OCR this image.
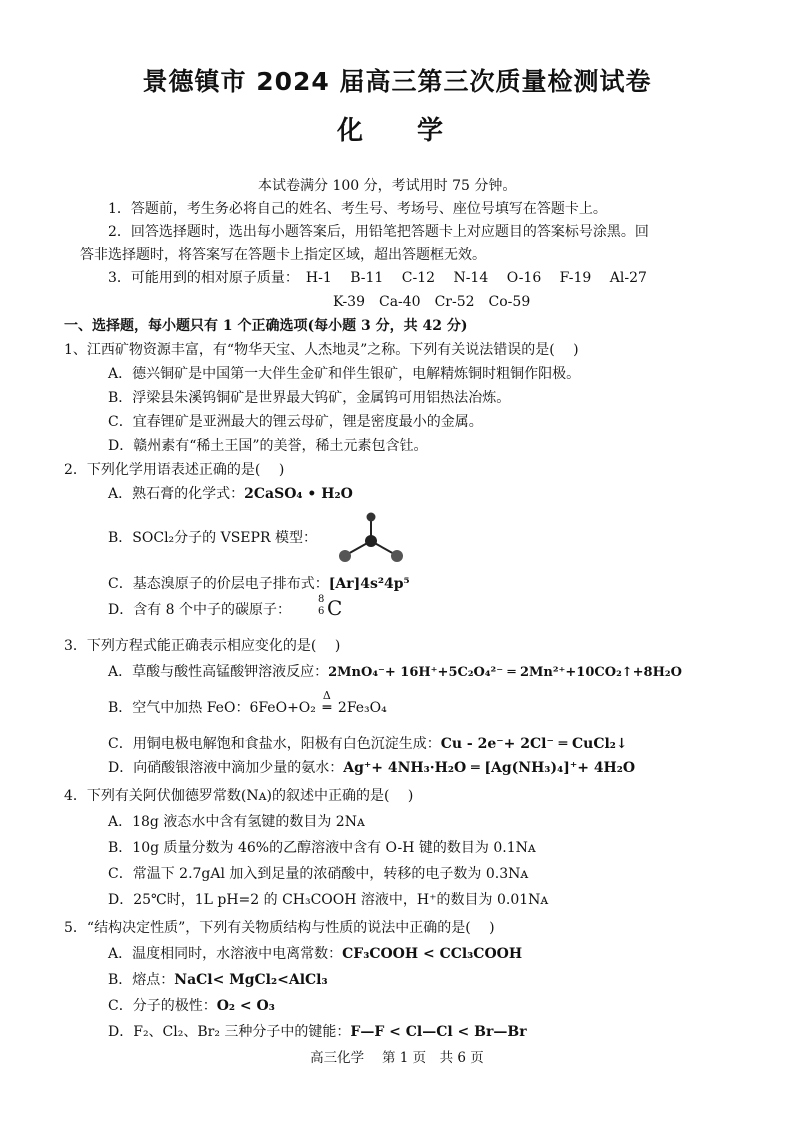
景德镇市 2024 届高三第三次质量检测试卷
化　学
本试卷满分 100 分，考试用时 75 分钟。
1．答题前，考生务必将自己的姓名、考生号、考场号、座位号填写在答题卡上。
2．回答选择题时，选出每小题答案后，用铅笔把答题卡上对应题目的答案标号涂黑。回
答非选择题时，将答案写在答题卡上指定区域，超出答题框无效。
3．可能用到的相对原子质量：　H-1　 B-11　 C-12　 N-14　 O-16　 F-19　 Al-27
K-39　Ca-40　Cr-52　Co-59
一、选择题，每小题只有 1 个正确选项(每小题 3 分，共 42 分)
1、江西矿物资源丰富，有“物华天宝、人杰地灵”之称。下列有关说法错误的是(　 )
A．德兴铜矿是中国第一大伴生金矿和伴生银矿，电解精炼铜时粗铜作阳极。
B．浮梁县朱溪钨铜矿是世界最大钨矿，金属钨可用铝热法冶炼。
C．宜春锂矿是亚洲最大的锂云母矿，锂是密度最小的金属。
D．赣州素有“稀土王国”的美誉，稀土元素包含钍。
2．下列化学用语表述正确的是(　 )
A．熟石膏的化学式：2CaSO₄ • H₂O
B．SOCl₂分子的 VSEPR 模型：
C．基态溴原子的价层电子排布式：[Ar]4s²4p⁵
D．含有 8 个中子的碳原子：
8
6 C
3．下列方程式能正确表示相应变化的是(　 )
A．草酸与酸性高锰酸钾溶液反应：2MnO₄⁻+ 16H⁺+5C₂O₄²⁻ ═ 2Mn²⁺+10CO₂↑+8H₂O
B．空气中加热 FeO：6FeO+O₂
Δ
═ 2Fe₃O₄
C．用铜电极电解饱和食盐水，阳极有白色沉淀生成：Cu - 2e⁻+ 2Cl⁻ ═ CuCl₂↓
D．向硝酸银溶液中滴加少量的氨水：Ag⁺+ 4NH₃·H₂O ═ [Ag(NH₃)₄]⁺+ 4H₂O
4．下列有关阿伏伽德罗常数(Nᴀ)的叙述中正确的是(　 )
A．18g 液态水中含有氢键的数目为 2Nᴀ
B．10g 质量分数为 46%的乙醇溶液中含有 O-H 键的数目为 0.1Nᴀ
C．常温下 2.7gAl 加入到足量的浓硝酸中，转移的电子数为 0.3Nᴀ
D．25℃时，1L pH=2 的 CH₃COOH 溶液中，H⁺的数目为 0.01Nᴀ
5．“结构决定性质”，下列有关物质结构与性质的说法中正确的是(　 )
A．温度相同时，水溶液中电离常数：CF₃COOH < CCl₃COOH
B．熔点：NaCl< MgCl₂<AlCl₃
C．分子的极性：O₂ < O₃
D．F₂、Cl₂、Br₂ 三种分子中的键能：F—F < Cl—Cl < Br—Br
高三化学　 第 1 页　共 6 页
